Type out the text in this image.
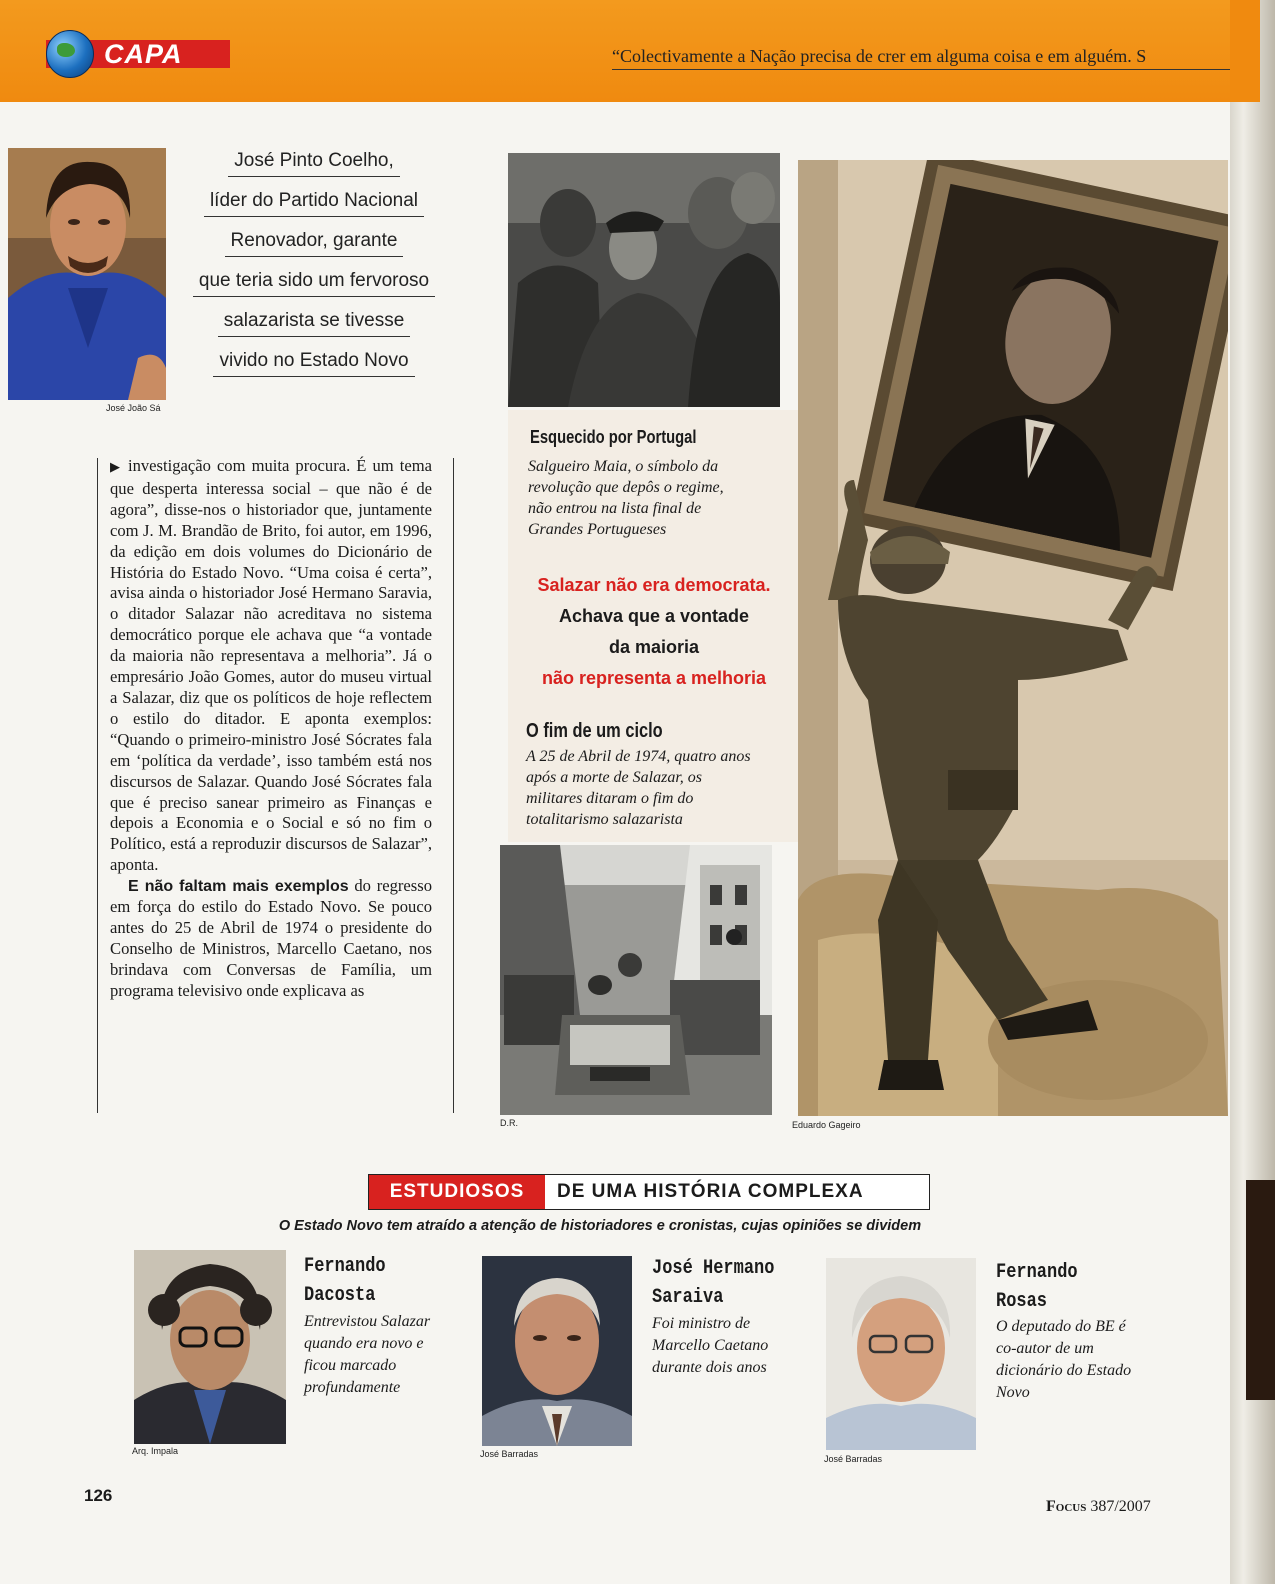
CAPA	“Colectivamente a Nação precisa de crer em alguma coisa e em alguém. S
José João Sá
José Pinto Coelho,
líder do Partido Nacional
Renovador, garante
que teria sido um fervoroso
salazarista se tivesse
vivido no Estado Novo

▶ investigação com muita procura. É um tema que desperta interessa social – que não é de agora”, disse-nos o historiador que, juntamente com J. M. Brandão de Brito, foi autor, em 1996, da edição em dois volumes do Dicionário de História do Estado Novo. “Uma coisa é certa”, avisa ainda o historiador José Hermano Saravia, o ditador Salazar não acreditava no sistema democrático porque ele achava que “a vontade da maioria não representava a melhoria”. Já o empresário João Gomes, autor do museu virtual a Salazar, diz que os políticos de hoje reflectem o estilo do ditador. E aponta exemplos: “Quando o primeiro-ministro José Sócrates fala em ‘política da verdade’, isso também está nos discursos de Salazar. Quando José Sócrates fala que é preciso sanear primeiro as Finanças e depois a Economia e o Social e só no fim o Político, está a reproduzir discursos de Salazar”, aponta.

E não faltam mais exemplos do regresso em força do estilo do Estado Novo. Se pouco antes do 25 de Abril de 1974 o presidente do Conselho de Ministros, Marcello Caetano, nos brindava com Conversas de Família, um programa televisivo onde explicava as

Esquecido por Portugal
Salgueiro Maia, o símbolo da revolução que depôs o regime, não entrou na lista final de Grandes Portugueses
Salazar não era democrata.
Achava que a vontade
da maioria
não representa a melhoria
O fim de um ciclo
A 25 de Abril de 1974, quatro anos após a morte de Salazar, os militares ditaram o fim do totalitarismo salazarista
D.R.	Eduardo Gageiro
ESTUDIOSOS	DE UMA HISTÓRIA COMPLEXA
O Estado Novo tem atraído a atenção de historiadores e cronistas, cujas opiniões se dividem
Arq. Impala
Fernando
Dacosta
Entrevistou Salazar quando era novo e ficou marcado profundamente
José Barradas
José Hermano
Saraiva
Foi ministro de Marcello Caetano durante dois anos
José Barradas
Fernando
Rosas
O deputado do BE é co-autor de um dicionário do Estado Novo
126
Focus 387/2007
